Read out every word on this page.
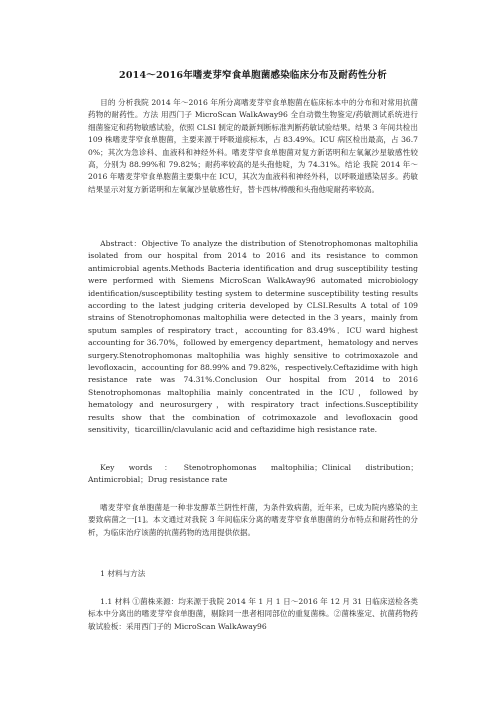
2014～2016年嗜麦芽窄食单胞菌感染临床分布及耐药性分析

目的 分析我院 2014 年～2016 年所分离嗜麦芽窄食单胞菌在临床标本中的分布和对常用抗菌药物的耐药性。方法 用西门子 MicroScan WalkAway96 全自动微生物鉴定/药敏测试系统进行细菌鉴定和药物敏感试验，依照 CLSI 制定的最新判断标准判断药敏试验结果。结果 3 年间共检出 109 株嗜麦芽窄食单胞菌，主要来源于呼吸道痰标本，占 83.49%。ICU 病区检出最高，占 36.70%；其次为急诊科、血液科和神经外科。嗜麦芽窄食单胞菌对复方新诺明和左氧氟沙星敏感性较高，分别为 88.99%和 79.82%；耐药率较高的是头孢他啶，为 74.31%。结论 我院 2014 年～2016 年嗜麦芽窄食单胞菌主要集中在 ICU，其次为血液科和神经外科，以呼吸道感染居多。药敏结果显示对复方新诺明和左氧氟沙星敏感性好，替卡西林/棒酸和头孢他啶耐药率较高。

Abstract：Objective To analyze the distribution of Stenotrophomonas maltophilia isolated from our hospital from 2014 to 2016 and its resistance to common antimicrobial agents.Methods Bacteria identification and drug susceptibility testing were performed with Siemens MicroScan WalkAway96 automated microbiology identification/susceptibility testing system to determine susceptibility testing results according to the latest judging criteria developed by CLSI.Results A total of 109 strains of Stenotrophomonas maltophilia were detected in the 3 years，mainly from sputum samples of respiratory tract，accounting for 83.49%．ICU ward highest accounting for 36.70%，followed by emergency department，hematology and nerves surgery.Stenotrophomonas maltophilia was highly sensitive to cotrimoxazole and levofloxacin，accounting for 88.99% and 79.82%，respectively.Ceftazidime with high resistance rate was 74.31%.Conclusion Our hospital from 2014 to 2016 Stenotrophomonas maltophilia mainly concentrated in the ICU，followed by hematology and neurosurgery，with respiratory tract infections.Susceptibility results show that the combination of cotrimoxazole and levofloxacin good sensitivity，ticarcillin/clavulanic acid and ceftazidime high resistance rate.

Key words：Stenotrophomonas maltophilia；Clinical distribution；Antimicrobial；Drug resistance rate

嗜麦芽窄食单胞菌是一种非发酵革兰阴性杆菌，为条件致病菌，近年来，已成为院内感染的主要致病菌之一[1]。本文通过对我院 3 年间临床分离的嗜麦芽窄食单胞菌的分布特点和耐药性的分析，为临床治疗该菌的抗菌药物的选用提供依据。

1 材料与方法

1.1 材料 ①菌株来源：均来源于我院 2014 年 1 月 1 日～2016 年 12 月 31 日临床送检各类标本中分离出的嗜麦芽窄食单胞菌，剔除同一患者相同部位的重复菌株。②菌株鉴定、抗菌药物药敏试验板：采用西门子的 MicroScan WalkAway96
